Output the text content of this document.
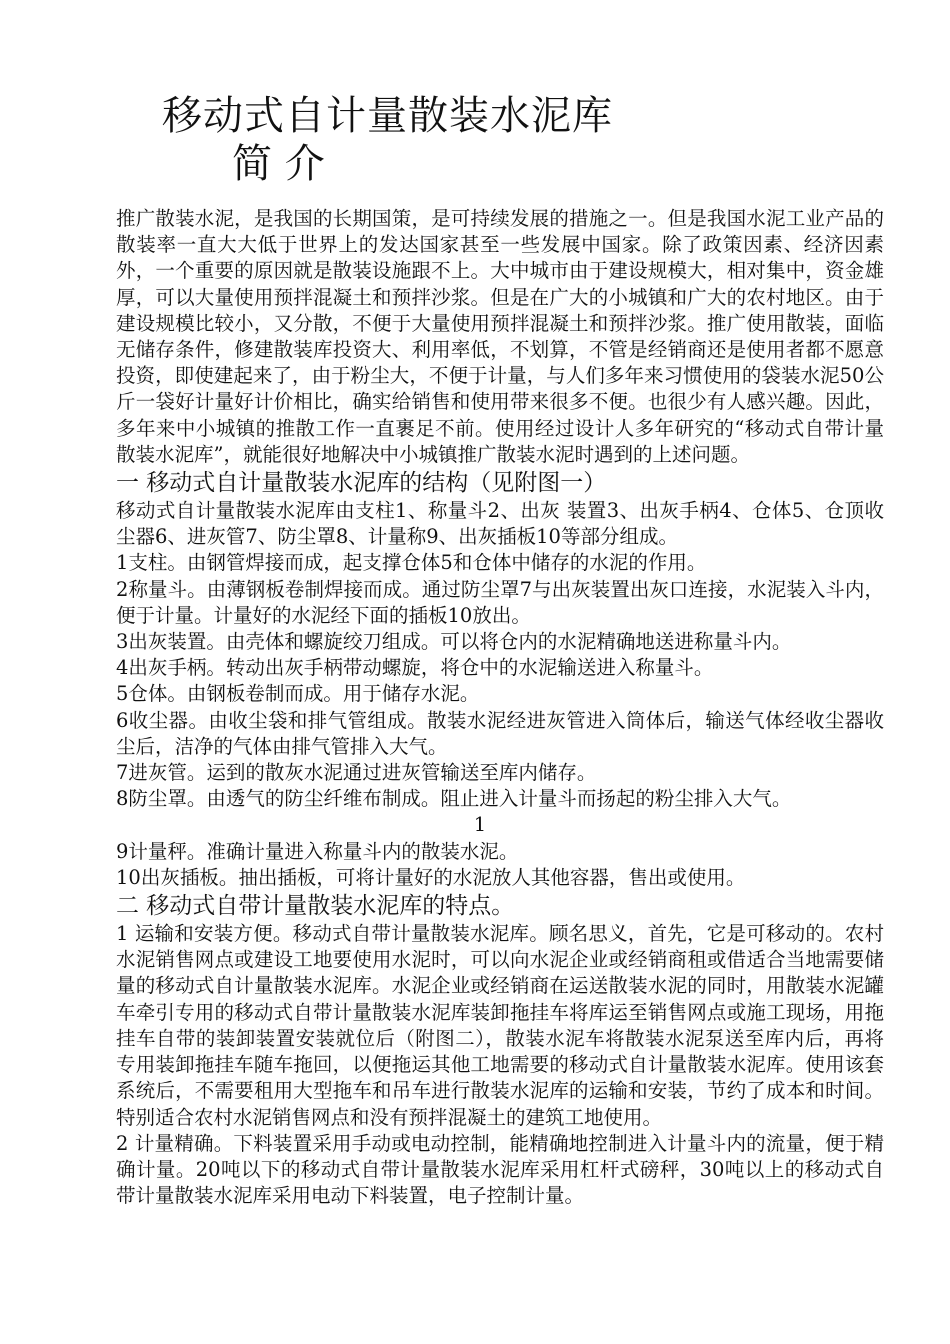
移动式自计量散装水泥库
简 介

推广散装水泥，是我国的长期国策，是可持续发展的措施之一。但是我国水泥工业产品的散装率一直大大低于世界上的发达国家甚至一些发展中国家。除了政策因素、经济因素外，一个重要的原因就是散装设施跟不上。大中城市由于建设规模大，相对集中，资金雄厚，可以大量使用预拌混凝土和预拌沙浆。但是在广大的小城镇和广大的农村地区。由于建设规模比较小，又分散，不便于大量使用预拌混凝土和预拌沙浆。推广使用散装，面临无储存条件，修建散装库投资大、利用率低，不划算，不管是经销商还是使用者都不愿意投资，即使建起来了，由于粉尘大，不便于计量，与人们多年来习惯使用的袋装水泥50公斤一袋好计量好计价相比，确实给销售和使用带来很多不便。也很少有人感兴趣。因此，多年来中小城镇的推散工作一直裹足不前。使用经过设计人多年研究的“移动式自带计量散装水泥库”，就能很好地解决中小城镇推广散装水泥时遇到的上述问题。

一 移动式自计量散装水泥库的结构（见附图一）

移动式自计量散装水泥库由支柱1、称量斗2、出灰 装置3、出灰手柄4、仓体5、仓顶收尘器6、进灰管7、防尘罩8、计量称9、出灰插板10等部分组成。

1支柱。由钢管焊接而成，起支撑仓体5和仓体中储存的水泥的作用。

2称量斗。由薄钢板卷制焊接而成。通过防尘罩7与出灰装置出灰口连接，水泥装入斗内，便于计量。计量好的水泥经下面的插板10放出。

3出灰装置。由壳体和螺旋绞刀组成。可以将仓内的水泥精确地送进称量斗内。

4出灰手柄。转动出灰手柄带动螺旋，将仓中的水泥输送进入称量斗。

5仓体。由钢板卷制而成。用于储存水泥。

6收尘器。由收尘袋和排气管组成。散装水泥经进灰管进入筒体后，输送气体经收尘器收尘后，洁净的气体由排气管排入大气。

7进灰管。运到的散灰水泥通过进灰管输送至库内储存。

8防尘罩。由透气的防尘纤维布制成。阻止进入计量斗而扬起的粉尘排入大气。

1

9计量秤。准确计量进入称量斗内的散装水泥。

10出灰插板。抽出插板，可将计量好的水泥放人其他容器，售出或使用。

二 移动式自带计量散装水泥库的特点。

1 运输和安装方便。移动式自带计量散装水泥库。顾名思义，首先，它是可移动的。农村水泥销售网点或建设工地要使用水泥时，可以向水泥企业或经销商租或借适合当地需要储量的移动式自计量散装水泥库。水泥企业或经销商在运送散装水泥的同时，用散装水泥罐车牵引专用的移动式自带计量散装水泥库装卸拖挂车将库运至销售网点或施工现场，用拖挂车自带的装卸装置安装就位后（附图二），散装水泥车将散装水泥泵送至库内后，再将专用装卸拖挂车随车拖回，以便拖运其他工地需要的移动式自计量散装水泥库。使用该套系统后，不需要租用大型拖车和吊车进行散装水泥库的运输和安装，节约了成本和时间。特别适合农村水泥销售网点和没有预拌混凝土的建筑工地使用。

2 计量精确。下料装置采用手动或电动控制，能精确地控制进入计量斗内的流量，便于精确计量。20吨以下的移动式自带计量散装水泥库采用杠杆式磅秤，30吨以上的移动式自带计量散装水泥库采用电动下料装置，电子控制计量。
